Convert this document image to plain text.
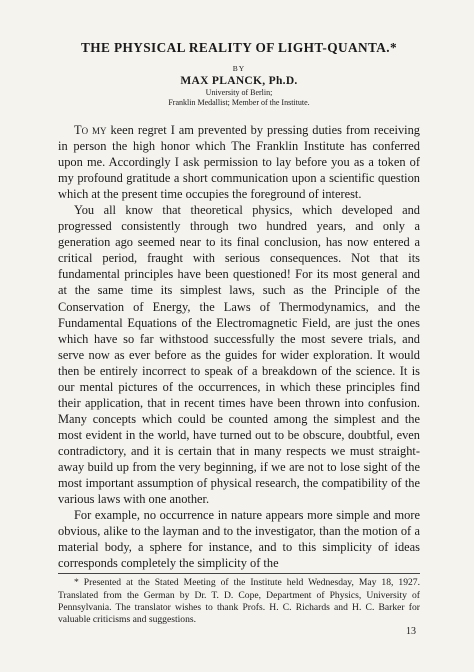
THE PHYSICAL REALITY OF LIGHT-QUANTA.*
BY
MAX PLANCK, Ph.D.
University of Berlin;
Franklin Medallist; Member of the Institute.

To my keen regret I am prevented by pressing duties from receiving in person the high honor which The Franklin Institute has conferred upon me. Accordingly I ask permission to lay before you as a token of my profound gratitude a short communication upon a scientific question which at the present time occupies the foreground of interest.

You all know that theoretical physics, which developed and progressed consistently through two hundred years, and only a generation ago seemed near to its final conclusion, has now entered a critical period, fraught with serious consequences. Not that its fundamental principles have been questioned! For its most general and at the same time its simplest laws, such as the Principle of the Conservation of Energy, the Laws of Thermodynamics, and the Fundamental Equations of the Electromagnetic Field, are just the ones which have so far withstood successfully the most severe trials, and serve now as ever before as the guides for wider exploration. It would then be entirely incorrect to speak of a breakdown of the science. It is our mental pictures of the occurrences, in which these principles find their application, that in recent times have been thrown into confusion. Many concepts which could be counted among the simplest and the most evident in the world, have turned out to be obscure, doubtful, even contradictory, and it is certain that in many respects we must straightaway build up from the very beginning, if we are not to lose sight of the most important assumption of physical research, the compatibility of the various laws with one another.

For example, no occurrence in nature appears more simple and more obvious, alike to the layman and to the investigator, than the motion of a material body, a sphere for instance, and to this simplicity of ideas corresponds completely the simplicity of the

* Presented at the Stated Meeting of the Institute held Wednesday, May 18, 1927. Translated from the German by Dr. T. D. Cope, Department of Physics, University of Pennsylvania. The translator wishes to thank Profs. H. C. Richards and H. C. Barker for valuable criticisms and suggestions.

13
